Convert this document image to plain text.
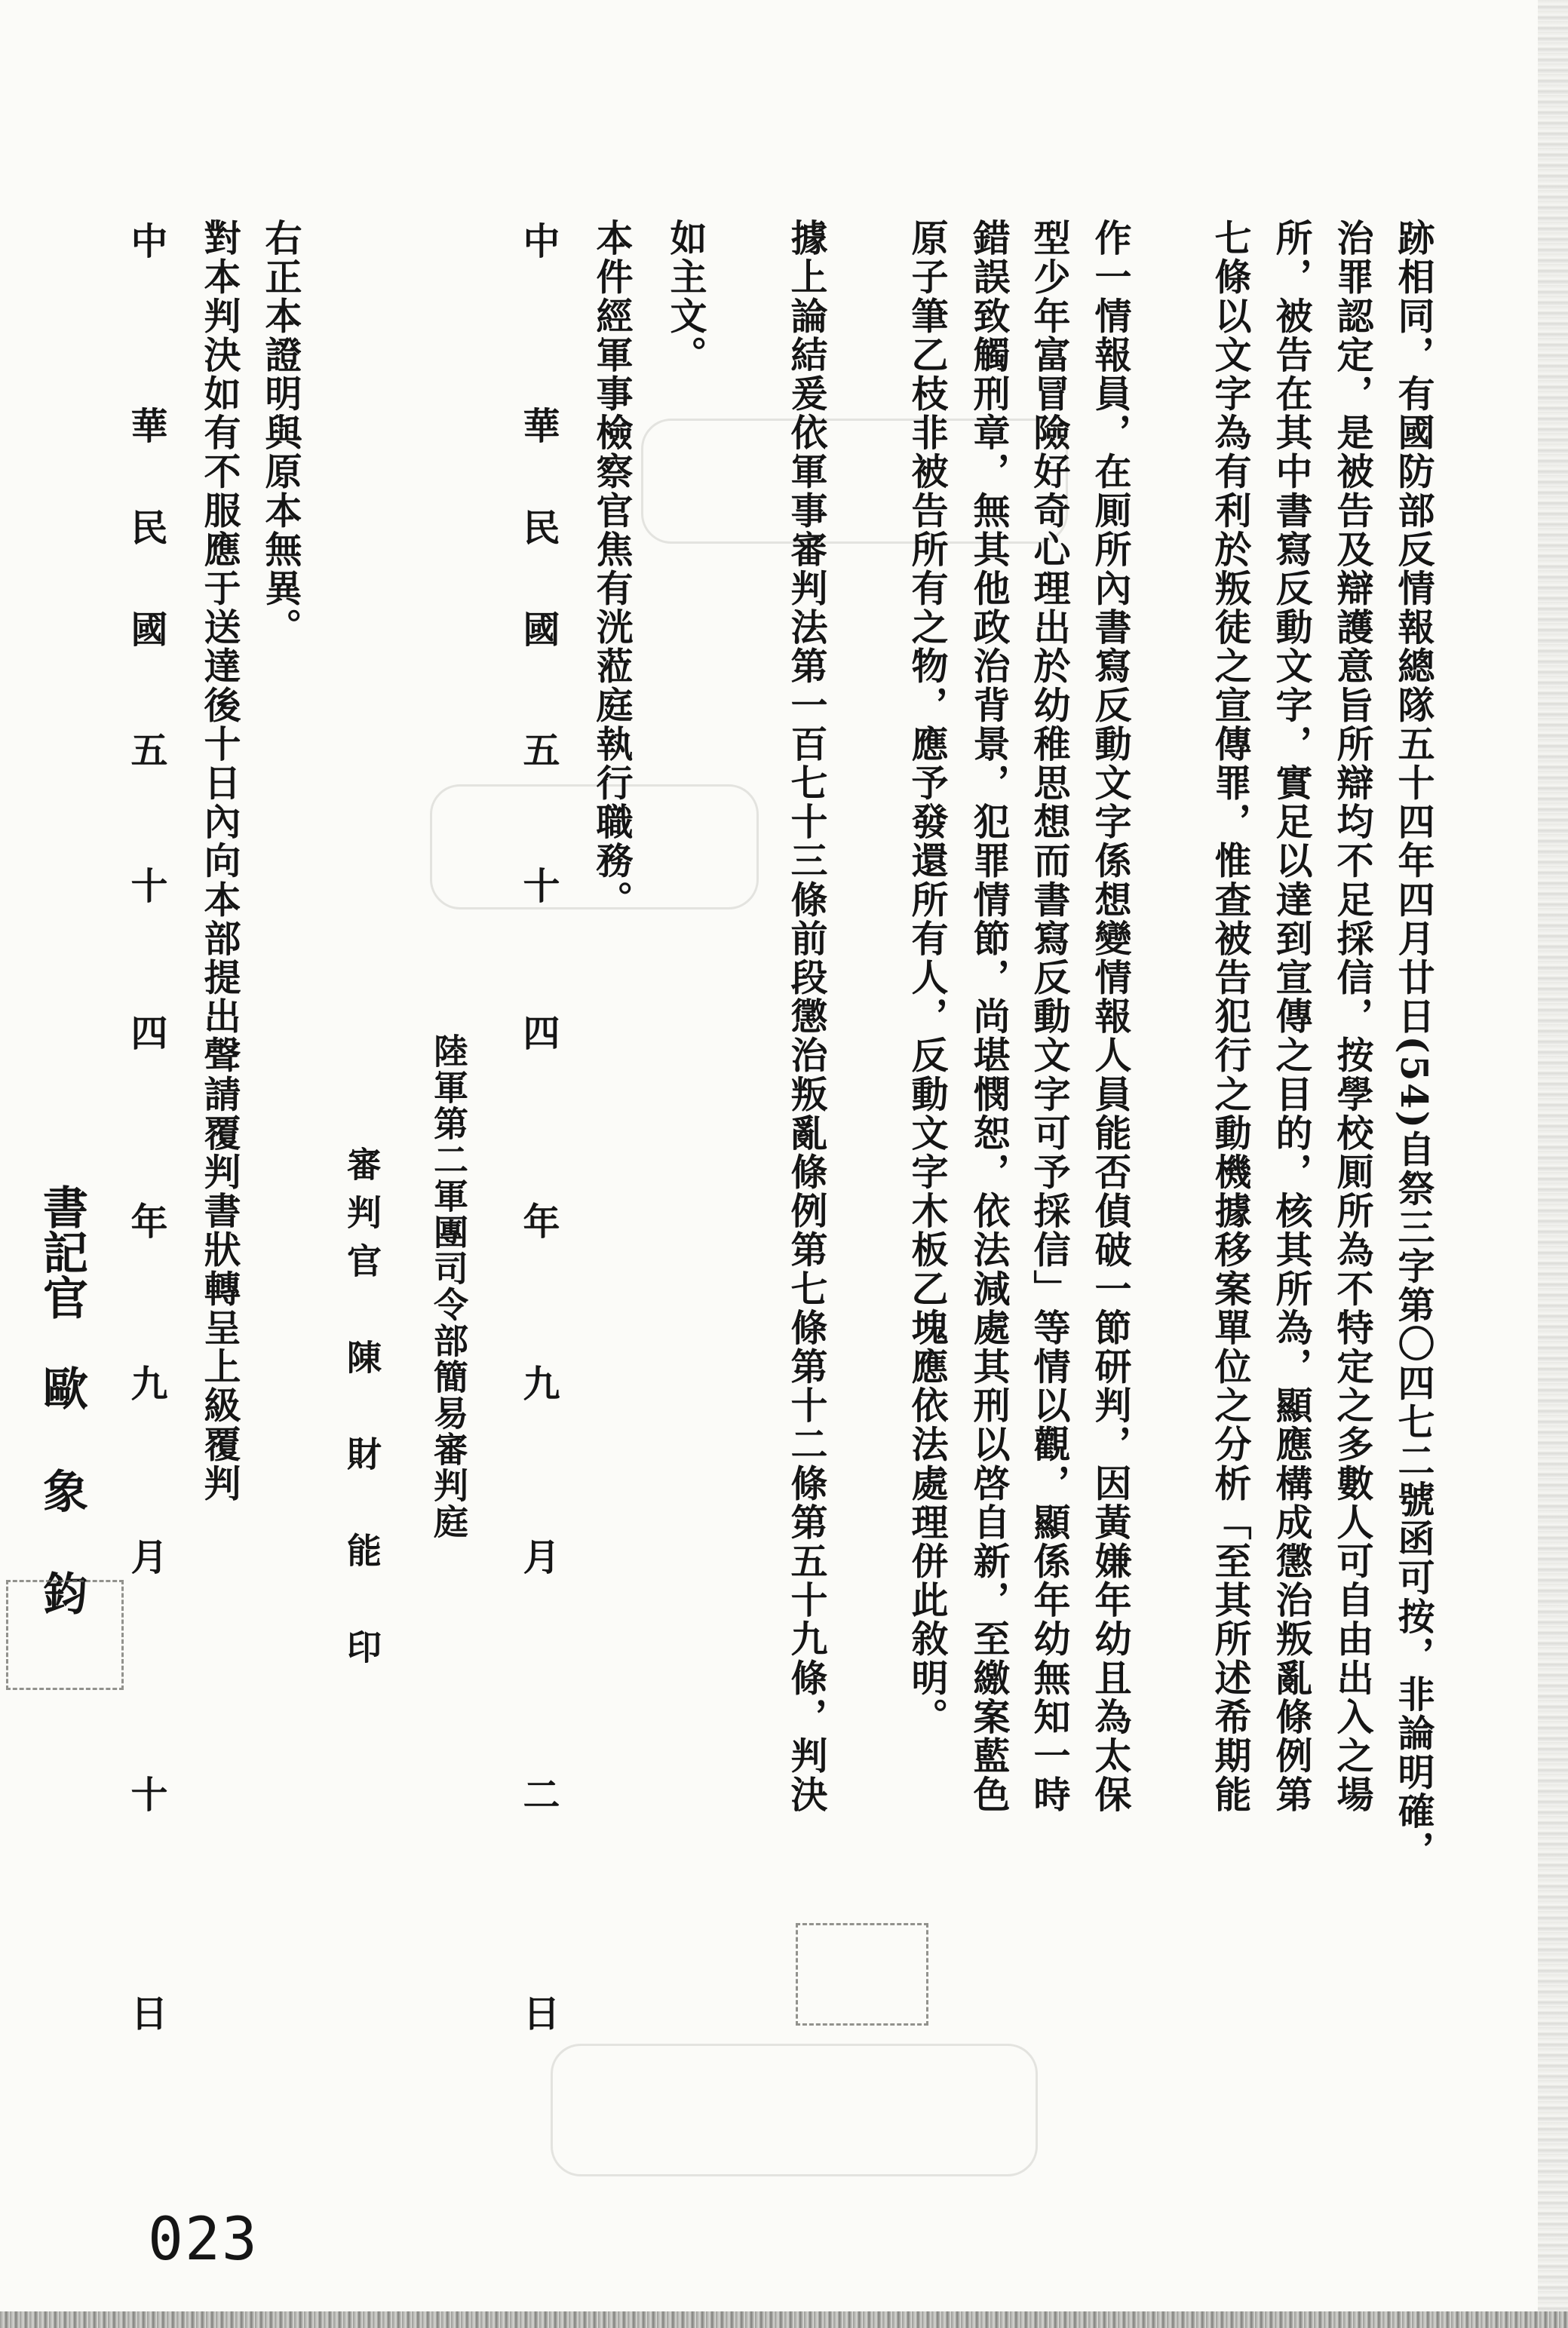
跡相同，有國防部反情報總隊五十四年四月廿日(54)自祭三字第〇四七二號函可按，非論明確，
治罪認定，是被告及辯護意旨所辯均不足採信，按學校厠所為不特定之多數人可自由出入之場
所，被告在其中書寫反動文字，實足以達到宣傳之目的，核其所為，顯應構成懲治叛亂條例第
七條以文字為有利於叛徒之宣傳罪，惟查被告犯行之動機據移案單位之分析「至其所述希期能
作一情報員，在厠所內書寫反動文字係想變情報人員能否偵破一節研判，因黃嫌年幼且為太保
型少年富冒險好奇心理出於幼稚思想而書寫反動文字可予採信」等情以觀，顯係年幼無知一時
錯誤致觸刑章，無其他政治背景，犯罪情節，尚堪憫恕，依法減處其刑以啓自新，至繳案藍色
原子筆乙枝非被告所有之物，應予發還所有人，反動文字木板乙塊應依法處理併此敘明。
據上論結爰依軍事審判法第一百七十三條前段懲治叛亂條例第七條第十二條第五十九條，判決
如主文。
本件經軍事檢察官焦有洸蒞庭執行職務。
中
華
民
國
五
十
四
年
九
月
二
日
陸軍第二軍團司令部簡易審判庭
審判官　陳　財　能　印
右正本證明與原本無異。
對本判決如有不服應于送達後十日內向本部提出聲請覆判書狀轉呈上級覆判
中
華
民
國
五
十
四
年
九
月
十
日
書記官
歐　象　鈞
023
